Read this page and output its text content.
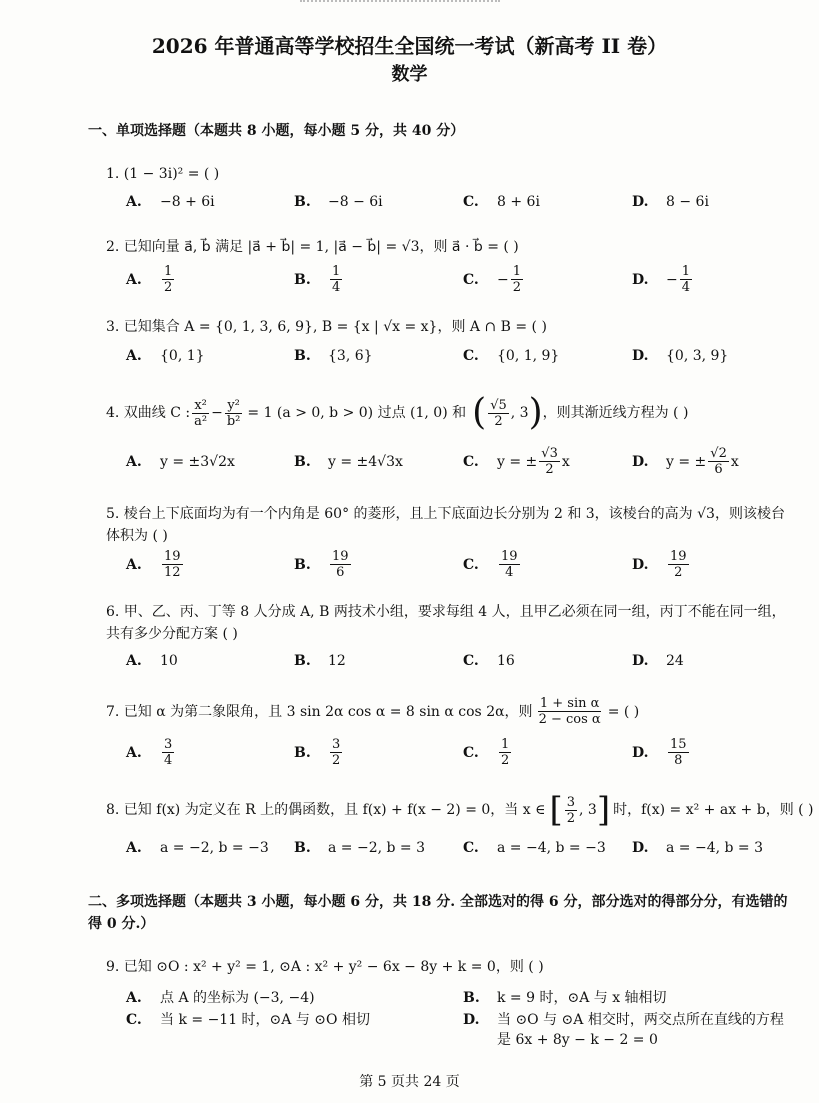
2026 年普通高等学校招生全国统一考试（新高考 II 卷）
数学
一、单项选择题（本题共 8 小题，每小题 5 分，共 40 分）
1. (1 − 3i)² = ( )
A.	−8 + 6i	B.	−8 − 6i	C.	8 + 6i	D.	8 − 6i
2. 已知向量 a⃗, b⃗ 满足 |a⃗ + b⃗| = 1, |a⃗ − b⃗| = √3，则 a⃗ · b⃗ = ( )
A.	$\frac{1}{2}$	B.	$\frac{1}{4}$	C.	− $\frac{1}{2}$	D.	− $\frac{1}{4}$
3. 已知集合 A = {0, 1, 3, 6, 9}, B = {x | √x = x}，则 A ∩ B = ( )
A.	{0, 1}	B.	{3, 6}	C.	{0, 1, 9}	D.	{0, 3, 9}
4. 双曲线 C : $\frac{\text{x²}}{\text{a²}} - \frac{\text{y²}}{\text{b²}} = 1$ (a > 0, b > 0) 过点 (1, 0) 和 ( $\frac{√5}{2}$ , 3 ) ，则其渐近线方程为 ( )
A.	y = ±3√2x	B.	y = ±4√3x	C.	y = ± $\frac{√3}{2}$ x	D.	y = ± $\frac{√2}{6}$ x
5. 棱台上下底面均为有一个内角是 60° 的菱形，且上下底面边长分别为 2 和 3，该棱台的高为 √3，则该棱台体积为 ( )
A.	$\frac{19}{12}$	B.	$\frac{19}{6}$	C.	$\frac{19}{4}$	D.	$\frac{19}{2}$
6. 甲、乙、丙、丁等 8 人分成 A, B 两技术小组，要求每组 4 人，且甲乙必须在同一组，丙丁不能在同一组，共有多少分配方案 ( )
A.	10	B.	12	C.	16	D.	24
7. 已知 α 为第二象限角，且 3 sin 2α cos α = 8 sin α cos 2α，则 $\frac{\text{1 + sin α}}{\text{2 − cos α}}$ = ( )
A.	$\frac{3}{4}$	B.	$\frac{3}{2}$	C.	$\frac{1}{2}$	D.	$\frac{15}{8}$
8. 已知 f(x) 为定义在 R 上的偶函数，且 f(x) + f(x − 2) = 0，当 x ∈ [ $\frac{3}{2}$ , 3 ] 时，f(x) = x² + ax + b，则 ( )
A.	a = −2, b = −3 B.	a = −2, b = 3	C.	a = −4, b = −3 D.	a = −4, b = 3
二、多项选择题（本题共 3 小题，每小题 6 分，共 18 分. 全部选对的得 6 分，部分选对的得部分分，有选错的得 0 分.）
9. 已知 ⊙O : x² + y² = 1, ⊙A : x² + y² − 6x − 8y + k = 0，则 ( )
A. 点 A 的坐标为 (−3, −4)	B. k = 9 时，⊙A 与 x 轴相切
C. 当 k = −11 时，⊙A 与 ⊙O 相切	D. 当 ⊙O 与 ⊙A 相交时，两交点所在直线的方程
是 6x + 8y − k − 2 = 0
第 5 页共 24 页
